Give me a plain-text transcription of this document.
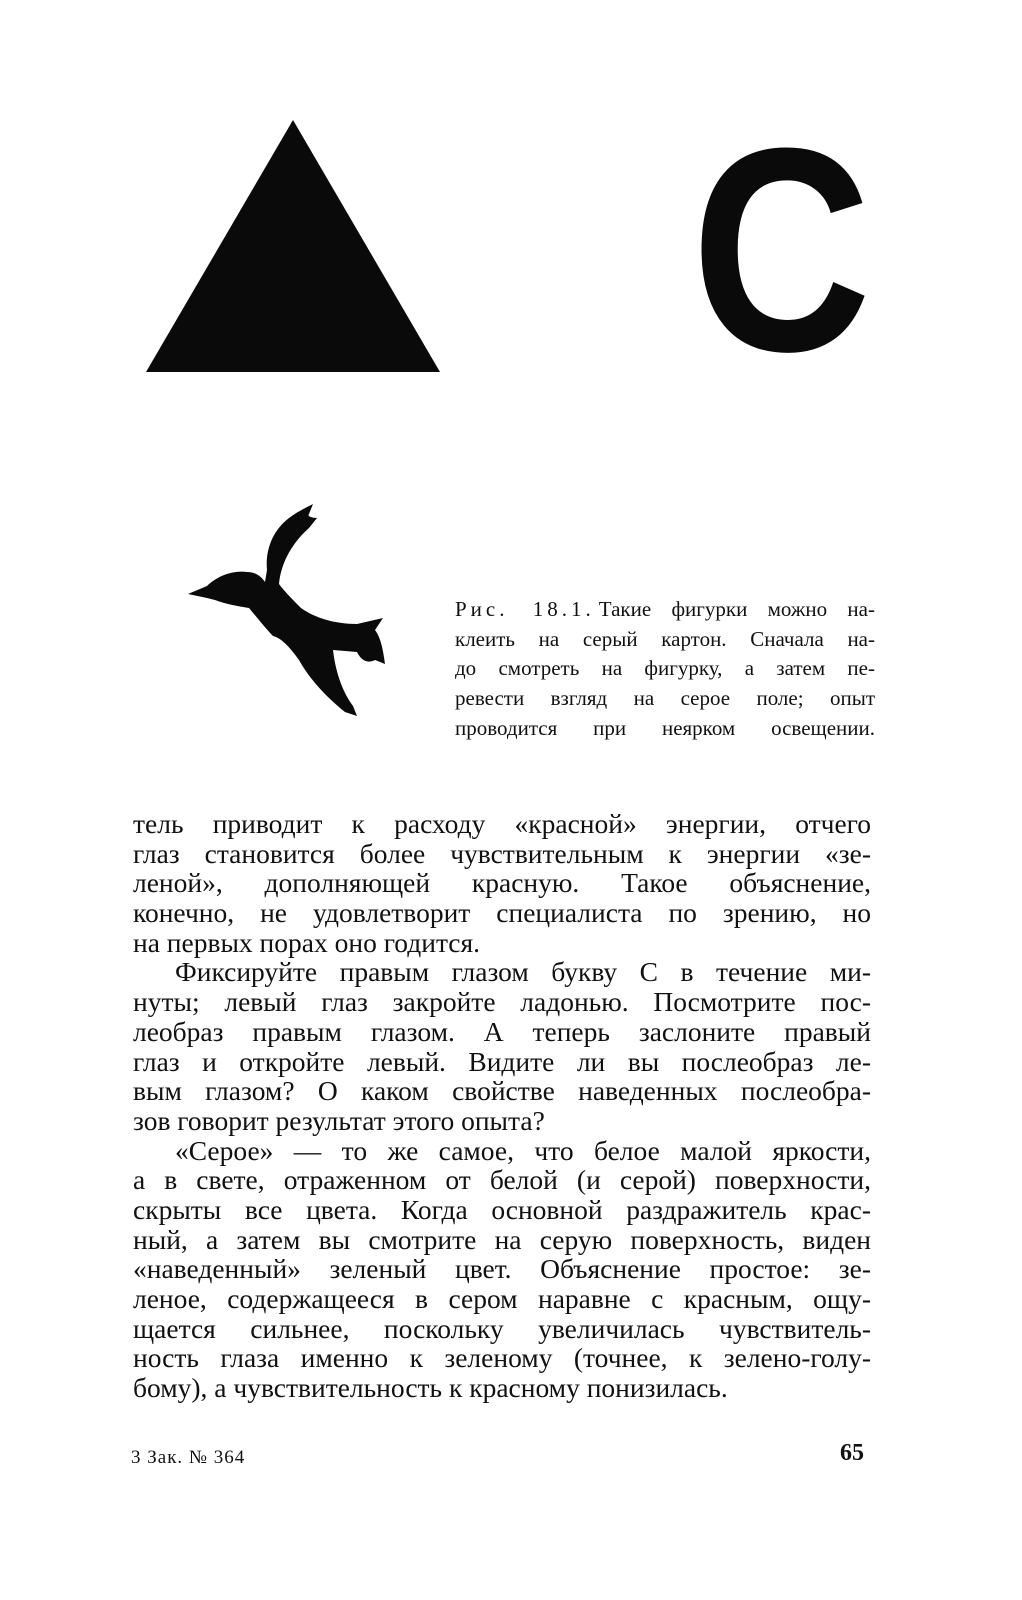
C
Рис. 18.1. Такие фигурки можно на-
клеить на серый картон. Сначала на-
до смотреть на фигурку, а затем пе-
ревести взгляд на серое поле; опыт
проводится при неярком освещении.

тель приводит к расходу «красной» энергии, отчего
глаз становится более чувствительным к энергии «зе-
леной», дополняющей красную. Такое объяснение,
конечно, не удовлетворит специалиста по зрению, но
на первых порах оно годится.

Фиксируйте правым глазом букву С в течение ми-
нуты; левый глаз закройте ладонью. Посмотрите пос-
леобраз правым глазом. А теперь заслоните правый
глаз и откройте левый. Видите ли вы послеобраз ле-
вым глазом? О каком свойстве наведенных послеобра-
зов говорит результат этого опыта?

«Серое» — то же самое, что белое малой яркости,
а в свете, отраженном от белой (и серой) поверхности,
скрыты все цвета. Когда основной раздражитель крас-
ный, а затем вы смотрите на серую поверхность, виден
«наведенный» зеленый цвет. Объяснение простое: зе-
леное, содержащееся в сером наравне с красным, ощу-
щается сильнее, поскольку увеличилась чувствитель-
ность глаза именно к зеленому (точнее, к зелено-голу-
бому), а чувствительность к красному понизилась.

3 Зак. № 364	65
